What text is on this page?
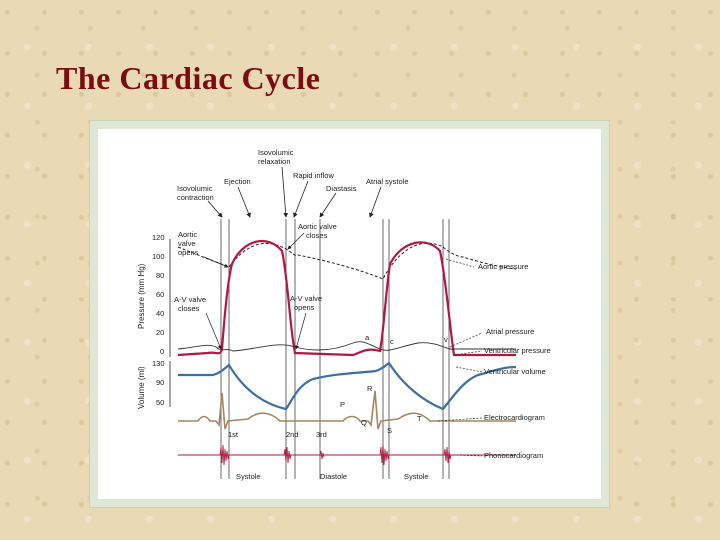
The Cardiac Cycle
Isovolumic
relaxation
Rapid inflow
Ejection
Diastasis
Isovolumic
contraction
Atrial systole
120
100
80
60
40
20
0
Pressure (mm Hg)
130
90
50
Volume (ml)
Aortic
valve
opens
A-V valve
closes
Aortic valve
closes
A-V valve
opens
a	c	v
R
P
Q
S
T
1st	2nd 3rd
Aortic pressure
Atrial pressure
Ventricular pressure
Ventricular volume
Electrocardiogram
Phonocardiogram
Systole	Diastole	Systole
